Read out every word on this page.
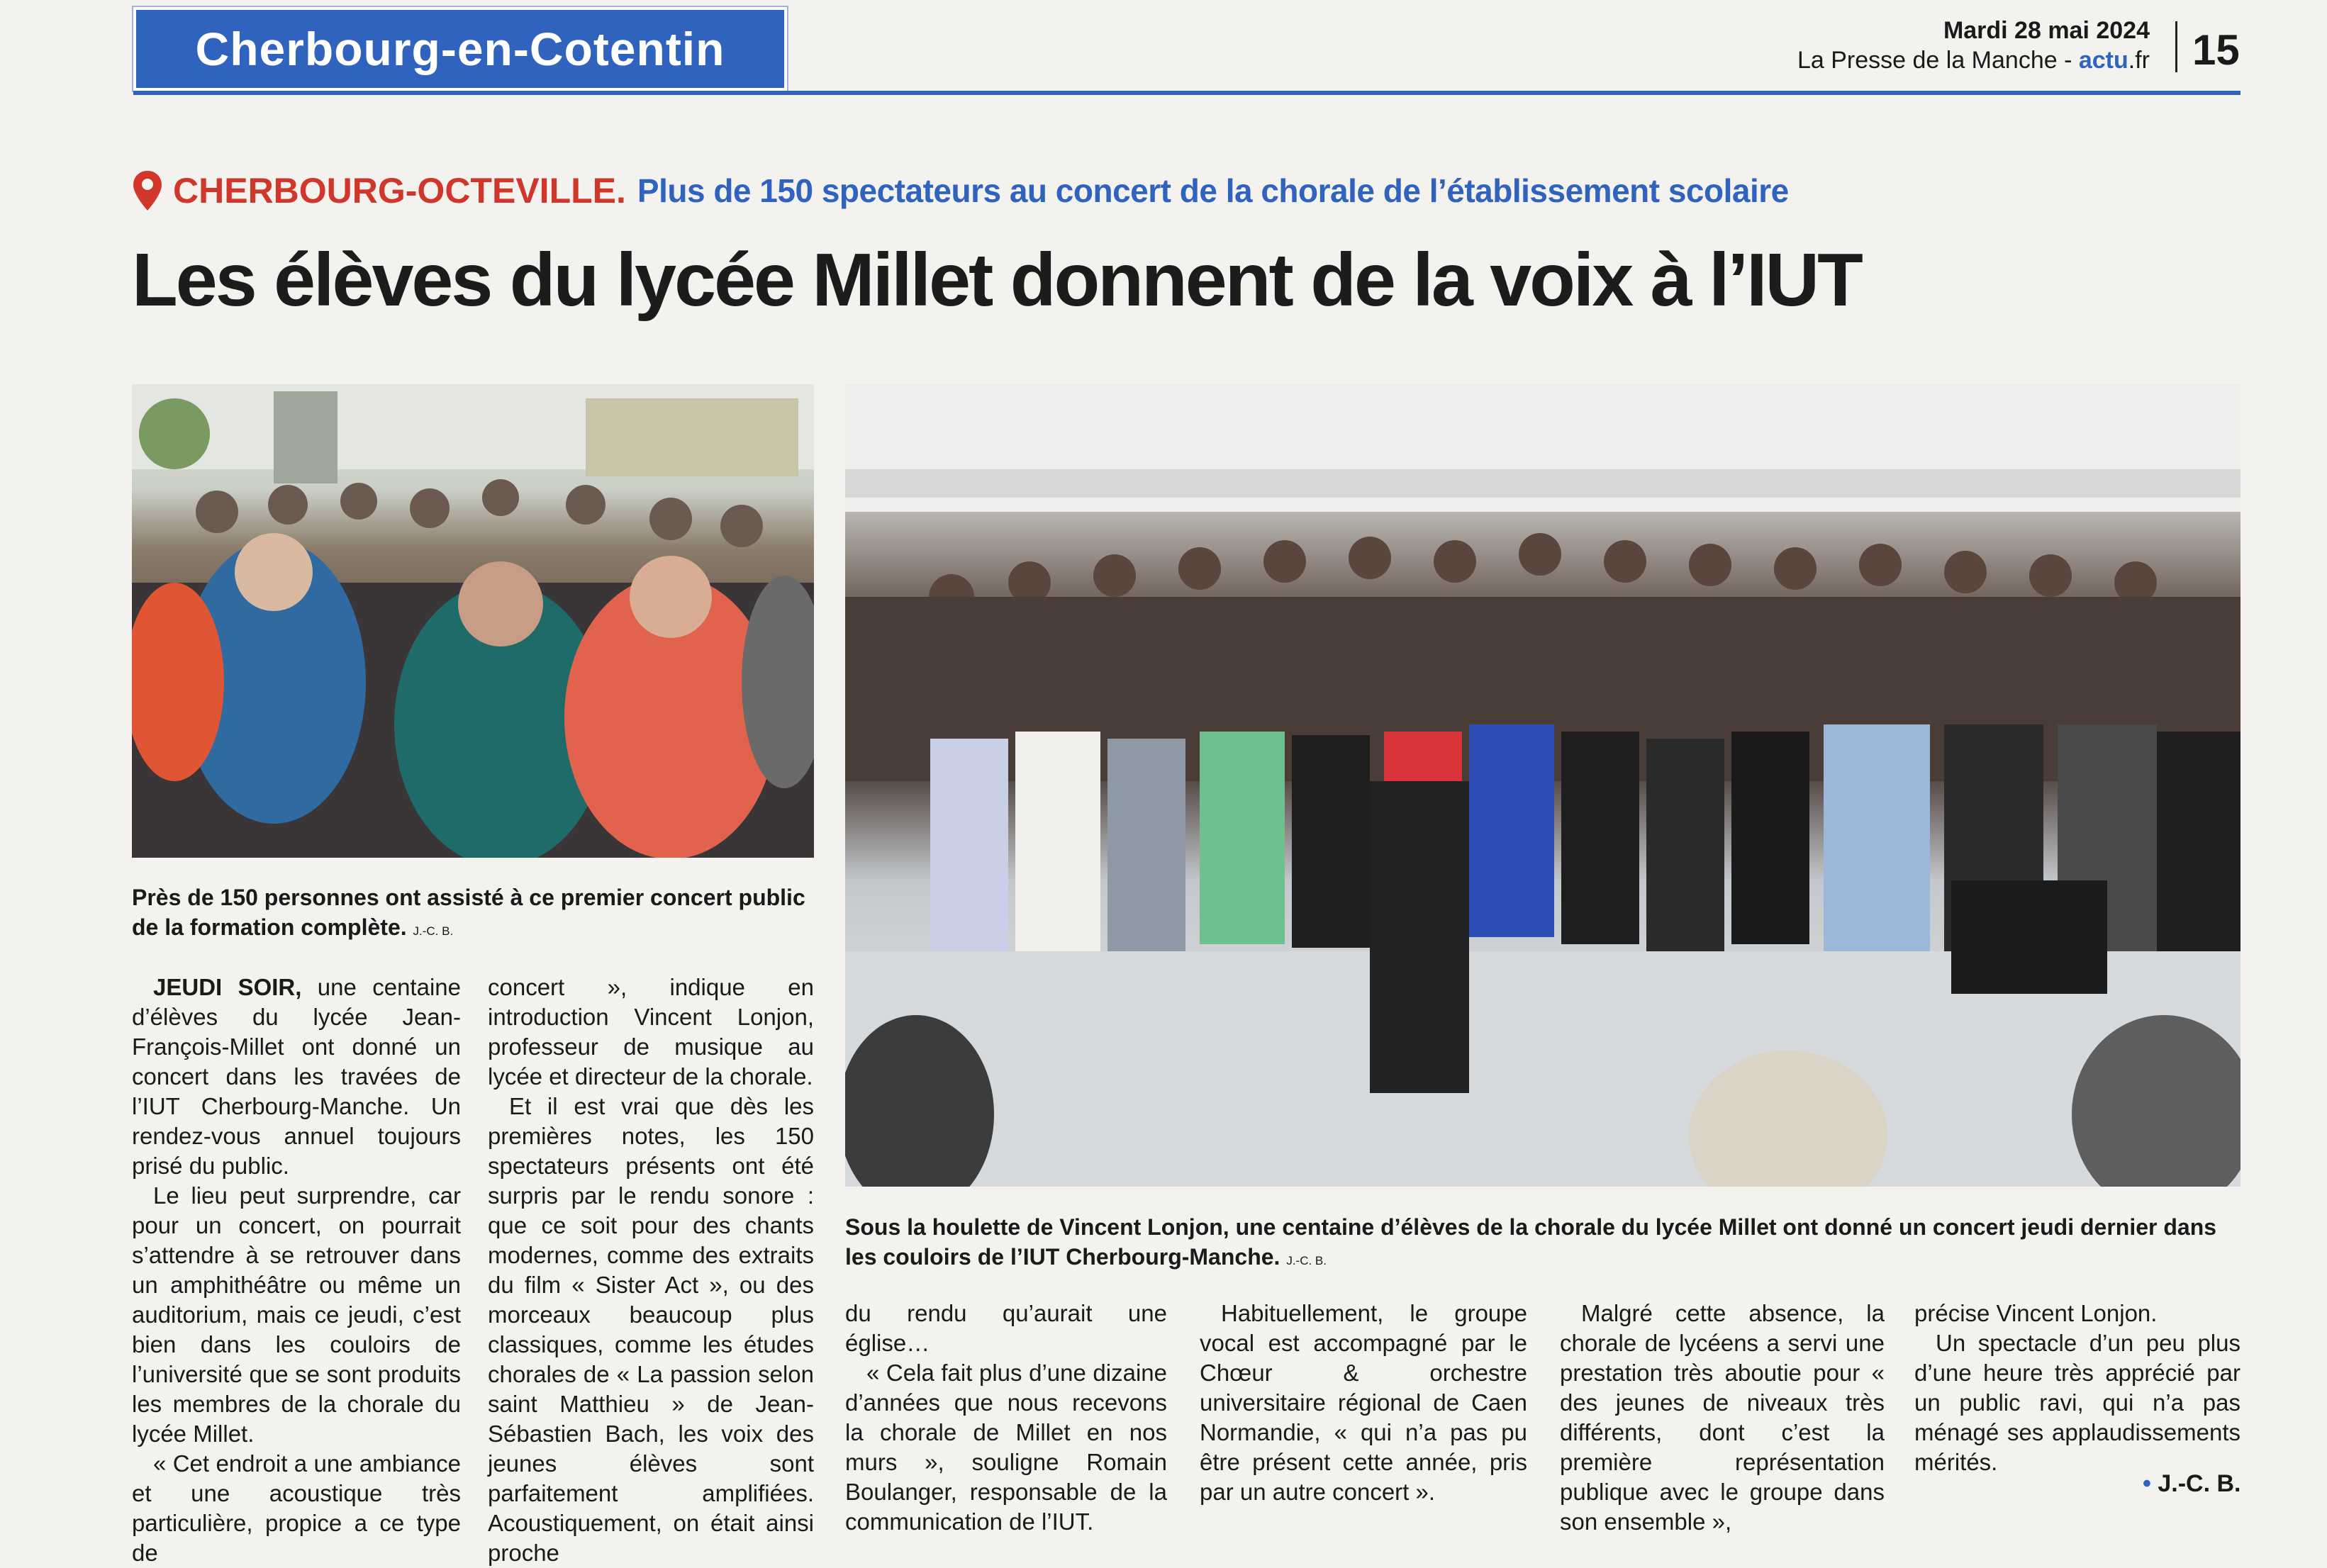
Cherbourg-en-Cotentin	Mardi 28 mai 2024
La Presse de la Manche - actu.fr 15
CHERBOURG-OCTEVILLE. Plus de 150 spectateurs au concert de la chorale de l’établissement scolaire
Les élèves du lycée Millet donnent de la voix à l’IUT
Près de 150 personnes ont assisté à ce premier concert public de la formation complète. J.-C. B.
Sous la houlette de Vincent Lonjon, une centaine d’élèves de la chorale du lycée Millet ont donné un concert jeudi dernier dans les couloirs de l’IUT Cherbourg-Manche. J.-C. B.

JEUDI SOIR, une centaine d’élèves du lycée Jean-François-Millet ont donné un concert dans les travées de l’IUT Cherbourg-Manche. Un rendez-vous annuel toujours prisé du public.

Le lieu peut surprendre, car pour un concert, on pourrait s’attendre à se retrouver dans un amphithéâtre ou même un auditorium, mais ce jeudi, c’est bien dans les couloirs de l’université que se sont produits les membres de la chorale du lycée Millet.

« Cet endroit a une ambiance et une acoustique très particulière, propice a ce type de

concert », indique en introduction Vincent Lonjon, professeur de musique au lycée et directeur de la chorale.

Et il est vrai que dès les premières notes, les 150 spectateurs présents ont été surpris par le rendu sonore : que ce soit pour des chants modernes, comme des extraits du film « Sister Act », ou des morceaux beaucoup plus classiques, comme les études chorales de « La passion selon saint Matthieu » de Jean-Sébastien Bach, les voix des jeunes élèves sont parfaitement amplifiées. Acoustiquement, on était ainsi proche

du rendu qu’aurait une église…

« Cela fait plus d’une dizaine d’années que nous recevons la chorale de Millet en nos murs », souligne Romain Boulanger, responsable de la communication de l’IUT.

Habituellement, le groupe vocal est accompagné par le Chœur & orchestre universitaire régional de Caen Normandie, « qui n’a pas pu être présent cette année, pris par un autre concert ».

Malgré cette absence, la chorale de lycéens a servi une prestation très aboutie pour « des jeunes de niveaux très différents, dont c’est la première représentation publique avec le groupe dans son ensemble »,

précise Vincent Lonjon.

Un spectacle d’un peu plus d’une heure très apprécié par un public ravi, qui n’a pas ménagé ses applaudissements mérités.

• J.-C. B.
